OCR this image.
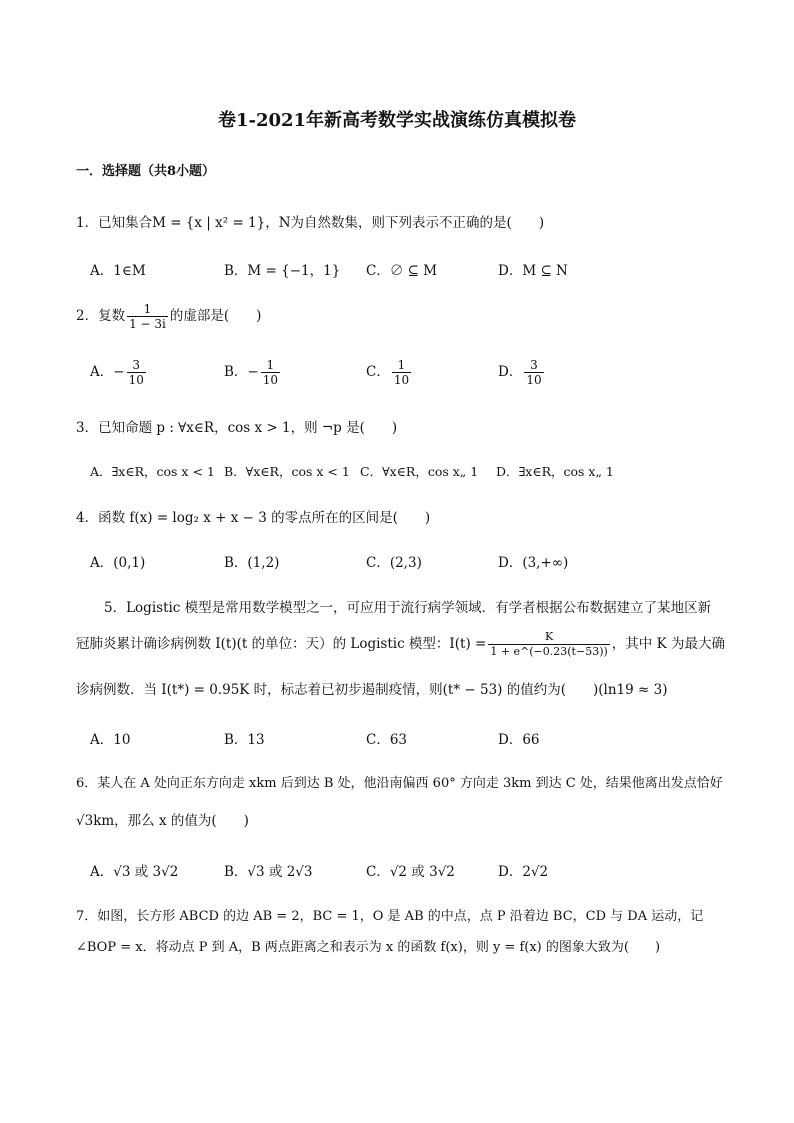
卷1-2021年新高考数学实战演练仿真模拟卷
一．选择题（共8小题）
1．已知集合M = {x | x² = 1}，N为自然数集，则下列表示不正确的是(　　)
A．1∈M	B．M = {−1，1} C．∅ ⊆ M	D．M ⊆ N
2．复数 $\frac{1}{1 - 3i}$ 的虚部是(　　)
A．− $\frac{3}{10}$	B．− $\frac{1}{10}$	C． $\frac{1}{10}$	D． $\frac{3}{10}$
3．已知命题 p : ∀x∈R，cos x > 1，则 ¬p 是(　　)
A．∃x∈R，cos x < 1 B．∀x∈R，cos x < 1 C．∀x∈R，cos x„ 1 D．∃x∈R，cos x„ 1
4．函数 f(x) = log₂ x + x − 3 的零点所在的区间是(　　)
A．(0,1)	B．(1,2)	C．(2,3)	D．(3,+∞)
5．Logistic 模型是常用数学模型之一，可应用于流行病学领域．有学者根据公布数据建立了某地区新
冠肺炎累计确诊病例数 I(t)(t 的单位：天）的 Logistic 模型：$I(t) = \frac{K}{1 + e\^{}(-0.23(t-53))}$ ，其中 K 为最大确
诊病例数．当 I(t*) = 0.95K 时，标志着已初步遏制疫情，则(t* − 53) 的值约为(　　)(ln19 ≈ 3)
A．10	B．13	C．63	D．66
6．某人在 A 处向正东方向走 xkm 后到达 B 处，他沿南偏西 60° 方向走 3km 到达 C 处，结果他离出发点恰好
√3km，那么 x 的值为(　　)
A．√3 或 3√2	B．√3 或 2√3	C．√2 或 3√2	D．2√2
7．如图，长方形 ABCD 的边 AB = 2，BC = 1，O 是 AB 的中点，点 P 沿着边 BC，CD 与 DA 运动，记
∠BOP = x．将动点 P 到 A，B 两点距离之和表示为 x 的函数 f(x)，则 y = f(x) 的图象大致为(　　)
